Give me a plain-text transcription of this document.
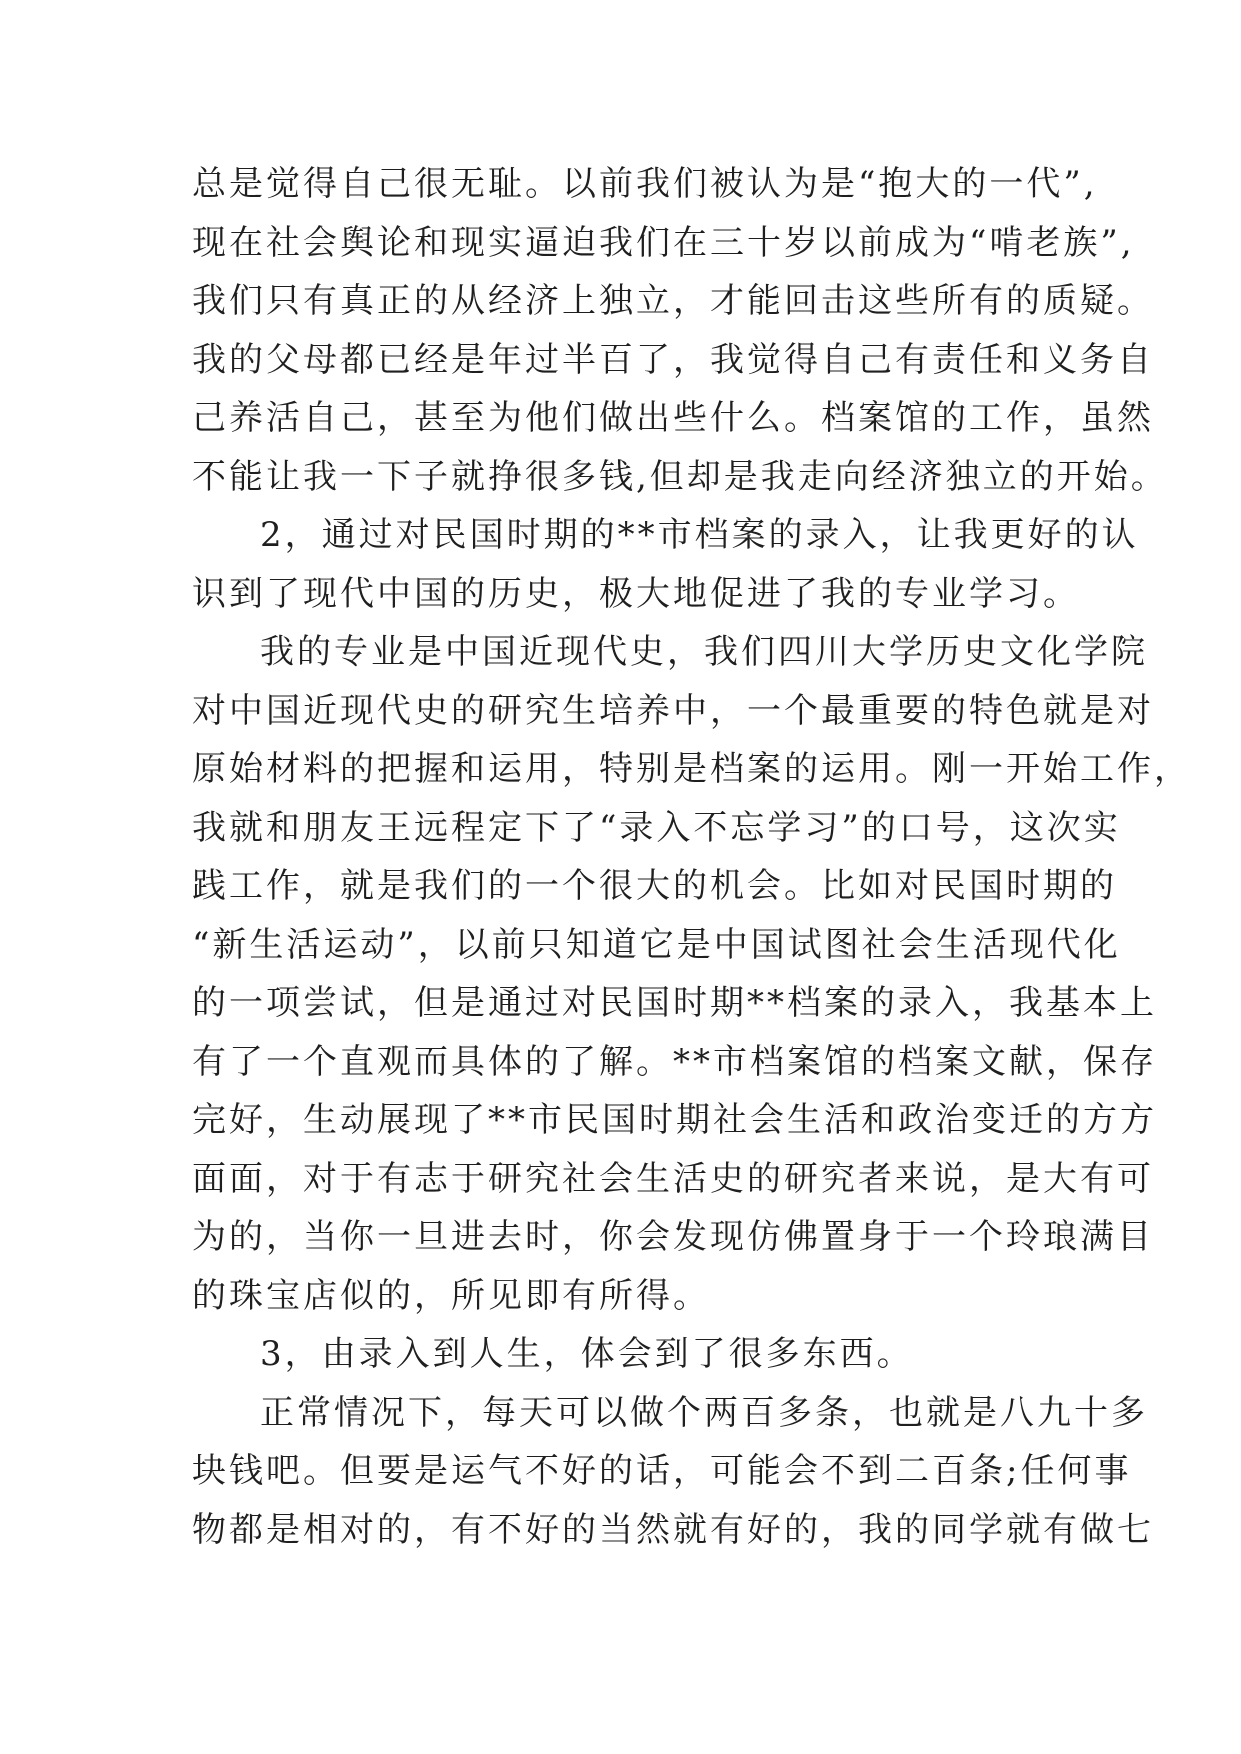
总是觉得自己很无耻。以前我们被认为是“抱大的一代”,
现在社会舆论和现实逼迫我们在三十岁以前成为“啃老族”,
我们只有真正的从经济上独立，才能回击这些所有的质疑。
我的父母都已经是年过半百了，我觉得自己有责任和义务自
己养活自己，甚至为他们做出些什么。档案馆的工作，虽然
不能让我一下子就挣很多钱,但却是我走向经济独立的开始。
2，通过对民国时期的**市档案的录入，让我更好的认
识到了现代中国的历史，极大地促进了我的专业学习。
我的专业是中国近现代史，我们四川大学历史文化学院
对中国近现代史的研究生培养中，一个最重要的特色就是对
原始材料的把握和运用，特别是档案的运用。刚一开始工作，
我就和朋友王远程定下了“录入不忘学习”的口号，这次实
践工作，就是我们的一个很大的机会。比如对民国时期的
“新生活运动”，以前只知道它是中国试图社会生活现代化
的一项尝试，但是通过对民国时期**档案的录入，我基本上
有了一个直观而具体的了解。**市档案馆的档案文献，保存
完好，生动展现了**市民国时期社会生活和政治变迁的方方
面面，对于有志于研究社会生活史的研究者来说，是大有可
为的，当你一旦进去时，你会发现仿佛置身于一个玲琅满目
的珠宝店似的，所见即有所得。
3，由录入到人生，体会到了很多东西。
正常情况下，每天可以做个两百多条，也就是八九十多
块钱吧。但要是运气不好的话，可能会不到二百条;任何事
物都是相对的，有不好的当然就有好的，我的同学就有做七
